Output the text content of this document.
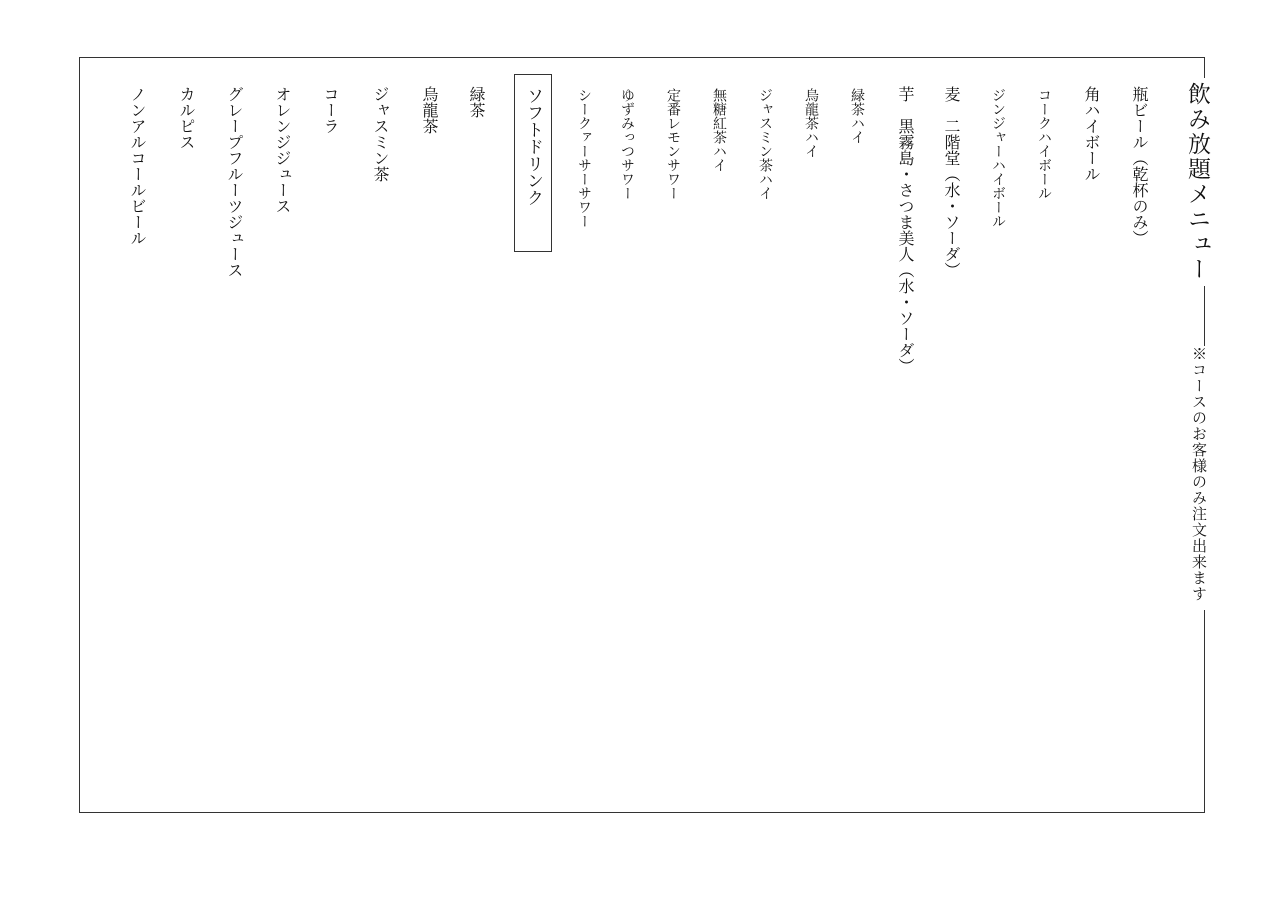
飲み放題メニュー
※コースのお客様のみ注文出来ます
瓶ビール（乾杯のみ）
角ハイボール
コークハイボール
ジンジャーハイボール
麦　二階堂（水・ソーダ）
芋　黒霧島・さつま美人（水・ソーダ）
緑茶ハイ
烏龍茶ハイ
ジャスミン茶ハイ
無糖紅茶ハイ
定番レモンサワー
ゆずみっつサワー
シークァーサーサワー
ソフトドリンク
緑茶
烏龍茶
ジャスミン茶
コーラ
オレンジジュース
グレープフルーツジュース
カルピス
ノンアルコールビール
